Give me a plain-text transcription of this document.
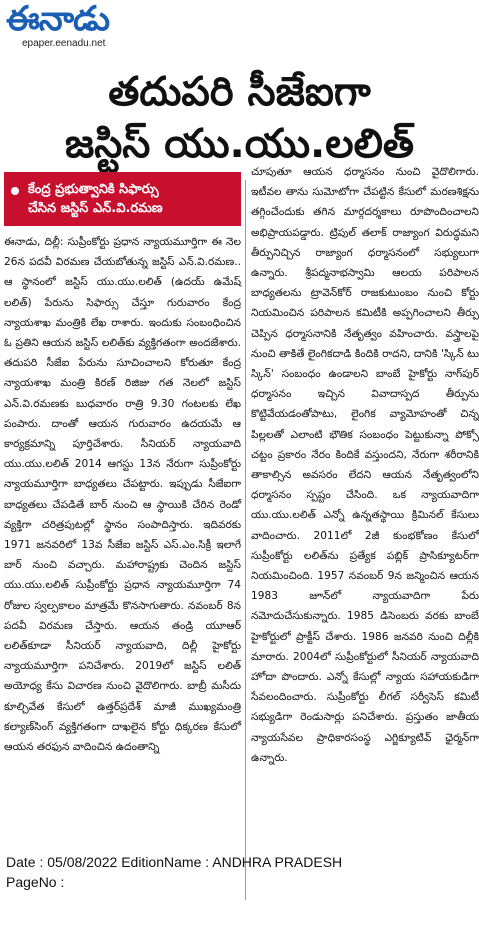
ఈనాడు
epaper.eenadu.net
తదుపరి సీజేఐగా
జస్టిస్‌ యు.యు.లలిత్‌
కేంద్ర ప్రభుత్వానికి సిఫార్సు
చేసిన జస్టిస్‌ ఎన్‌.వి.రమణ

ఈనాడు, దిల్లీ: సుప్రీంకోర్టు ప్రధాన న్యాయమూర్తిగా ఈ నెల 26న పదవీ విరమణ చేయబోతున్న జస్టిస్‌ ఎన్‌.వి.రమణ.. ఆ స్థానంలో జస్టిస్‌ యు.యు.లలిత్‌ (ఉదయ్‌ ఉమేష్‌ లలిత్‌) పేరును సిఫార్సు చేస్తూ గురువారం కేంద్ర న్యాయశాఖ మంత్రికి లేఖ రాశారు. ఇందుకు సంబంధించిన ఓ ప్రతిని ఆయన జస్టిస్‌ లలిత్‌కు వ్యక్తిగతంగా అందజేశారు. తదుపరి సీజేఐ పేరును సూచించాలని కోరుతూ కేంద్ర న్యాయశాఖ మంత్రి కిరణ్‌ రిజిజు గత నెలలో జస్టిస్‌ ఎన్‌.వి.రమణకు బుధవారం రాత్రి 9.30 గంటలకు లేఖ పంపారు. దాంతో ఆయన గురువారం ఉదయమే ఆ కార్యక్రమాన్ని పూర్తిచేశారు. సీనియర్‌ న్యాయవాది యు.యు.లలిత్‌ 2014 ఆగస్టు 13న నేరుగా సుప్రీంకోర్టు న్యాయమూర్తిగా బాధ్యతలు చేపట్టారు. ఇప్పుడు సీజేఐగా బాధ్యతలు చేపడితే బార్‌ నుంచి ఆ స్థాయికి చేరిన రెండో వ్యక్తిగా చరిత్రపుటల్లో స్థానం సంపాదిస్తారు. ఇదివరకు 1971 జనవరిలో 13వ సీజేఐ జస్టిస్‌ ఎస్‌.ఎం.సిక్రీ ఇలాగే బార్‌ నుంచి వచ్చారు. మహారాష్ట్రకు చెందిన జస్టిస్‌ యు.యు.లలిత్‌ సుప్రీంకోర్టు ప్రధాన న్యాయమూర్తిగా 74 రోజుల స్వల్పకాలం మాత్రమే కొనసాగుతారు. నవంబర్‌ 8న పదవీ విరమణ చేస్తారు. ఆయన తండ్రి యూఆర్‌ లలిత్‌కూడా సీనియర్‌ న్యాయవాది, దిల్లీ హైకోర్టు న్యాయమూర్తిగా పనిచేశారు. 2019లో జస్టిస్‌ లలిత్‌ అయోధ్య కేసు విచారణ నుంచి వైదొలిగారు. బాబ్రీ మసీదు కూల్చివేత కేసులో ఉత్తర్‌ప్రదేశ్‌ మాజీ ముఖ్యమంత్రి కల్యాణ్‌సింగ్‌ వ్యక్తిగతంగా దాఖలైన కోర్టు ధిక్కరణ కేసులో ఆయన తరఫున వాదించిన ఉదంతాన్ని

చూపుతూ ఆయన ధర్మాసనం నుంచి వైదొలిగారు. ఇటీవల తాను సుమోటోగా చేపట్టిన కేసులో మరణశిక్షను తగ్గించేందుకు తగిన మార్గదర్శకాలు రూపొందించాలని అభిప్రాయపడ్డారు. ట్రిపుల్‌ తలాక్‌ రాజ్యాంగ విరుద్ధమని తీర్పునిచ్చిన రాజ్యాంగ ధర్మాసనంలో సభ్యులుగా ఉన్నారు. శ్రీపద్మనాభస్వామి ఆలయ పరిపాలన బాధ్యతలను ట్రావెన్‌కోర్‌ రాజకుటుంబం నుంచి కోర్టు నియమించిన పరిపాలన కమిటీకి అప్పగించాలని తీర్పు చెప్పిన ధర్మాసనానికి నేతృత్వం వహించారు. వస్త్రాలపై నుంచి తాకితే లైంగికదాడి కిందికి రాదని, దానికి 'స్కిన్‌ టు స్కిన్‌' సంబంధం ఉండాలని బాంబే హైకోర్టు నాగ్‌పుర్‌ ధర్మాసనం ఇచ్చిన వివాదాస్పద తీర్పును కొట్టివేయడంతోపాటు, లైంగిక వ్యామోహంతో చిన్న పిల్లలతో ఎలాంటి భౌతిక సంబంధం పెట్టుకున్నా పోక్సో చట్టం ప్రకారం నేరం కిందికే వస్తుందని, నేరుగా శరీరానికి తాకాల్సిన అవసరం లేదని ఆయన నేతృత్వంలోని ధర్మాసనం స్పష్టం చేసింది. ఒక న్యాయవాదిగా యు.యు.లలిత్‌ ఎన్నో ఉన్నతస్థాయి క్రిమినల్‌ కేసులు వాదించారు. 2011లో 2జీ కుంభకోణం కేసులో సుప్రీంకోర్టు లలిత్‌ను ప్రత్యేక పబ్లిక్‌ ప్రాసిక్యూటర్‌గా నియమించింది. 1957 నవంబర్‌ 9న జన్మించిన ఆయన 1983 జూన్‌లో న్యాయవాదిగా పేరు నమోదుచేసుకున్నారు. 1985 డిసెంబరు వరకు బాంబే హైకోర్టులో ప్రాక్టీస్‌ చేశారు. 1986 జనవరి నుంచి దిల్లీకి మారారు. 2004లో సుప్రీంకోర్టులో సీనియర్‌ న్యాయవాది హోదా పొందారు. ఎన్నో కేసుల్లో న్యాయ సహాయకుడిగా సేవలందించారు. సుప్రీంకోర్టు లీగల్‌ సర్వీసెస్‌ కమిటీ సభ్యుడిగా రెండుసార్లు పనిచేశారు. ప్రస్తుతం జాతీయ న్యాయసేవల ప్రాధికారసంస్థ ఎగ్జిక్యూటివ్‌ ఛైర్మన్‌గా ఉన్నారు.

Date : 05/08/2022 EditionName : ANDHRA PRADESH
PageNo :
